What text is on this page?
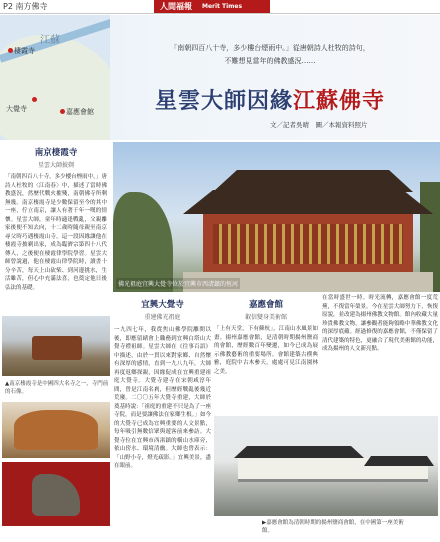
P2 南方佛寺	人間福報 Merit Times
江蘇
棲霞寺
大覺寺	嘉應會館
「南朝四百八十寺，多少樓台煙雨中。」從唐朝詩人杜牧的詩句，
不難想見當年的佛教盛況……
星雲大師因緣江蘇佛寺
文／記者吳晴　圖／本報資料照片
南京棲霞寺
星雲大師披剃
「南朝四百八十寺，多少樓台煙雨中。」唐詩人杜牧的〈江南春〉中，描述了當時佛教盛況，然歷代戰火摧殘，南朝佛寺所剩無幾。南京棲霞寺是少數保留至今的其中一座，佇立南京，讓人有著千年一嘆的情懷。星雲大師，童年時適逢戰亂，父親離家後便不知去向，十二歲時隨母親至南京尋父時巧遇棲霞山寺，這一段因緣讓他在棲霞寺披剃出家，成為臨濟宗第四十八代傳人，之後便在棲霞律學院學習。星雲大師曾說過，他在棲霞山律學院時，讀書十分辛苦，每天上山砍柴、到河邊挑水，生活雖苦，但心中充滿法喜，也奠定他日後弘法的基礎。
▲南京棲霞寺是中國四大名寺之一，寺門前的石像。
佛光祖庭宜興大覺寺位於宜興市西渚鎮的恆河
宜興大覺寺
重建佛光祖庭
一九四七年，我從焦山佛學院離開以後，即應留緒會上職務到宜興白塔山大覺寺禮祖師。星雲大師在《往事百語》中描述。由於一貫以來對家鄉、自然懷有深厚的感情，直到一九八九年，大師再度返鄉探親，因緣促成在宜興重建祖庭大覺寺。大覺寺建寺在宋朝咸淳年間，曾是江南名剎，但歷經戰亂後幾近荒廢。二〇〇五年大覺寺重建，大師於奠基時說：「祖庭的重建不只是為了一座寺院，而是要讓佛法在家鄉生根。」如今的大覺寺已成為宜興重要的人文景點，每年吸引無數信眾與遊客前來參訪。大覺寺位在宜興市西渚鎮的橫山水庫旁，依山傍水、環境清幽。大師也曾表示：「山野小寺，燈光疏影。」宜興美景，盡在眼前。
嘉應會館
叡信變身美術館
「上有天堂，下有蘇杭」，江南山水風景如畫。揚州嘉應會館，是清朝時期揚州鹽商的會館，歷經數百年變遷，如今已成為展示佛教藝術的重要場所。會館建築古樸典雅，庭院中古木參天，處處可見江南園林之美。
在當時盛世一時。時光流轉，嘉應會館一度荒蕪，不復當年榮景。今在星雲大師努力下，恢復原貌，並改建為揚州佛教文物館。館內收藏大量珍貴佛教文物，讓參觀者能夠領略中華佛教文化的深厚底蘊。經過修復的嘉應會館，不僅保留了清代建築的特色，更融合了現代美術館的功能，成為揚州的人文新亮點。
▶嘉應會館為清朝時期的揚州鹽商會館，在中國第一座美術館。
